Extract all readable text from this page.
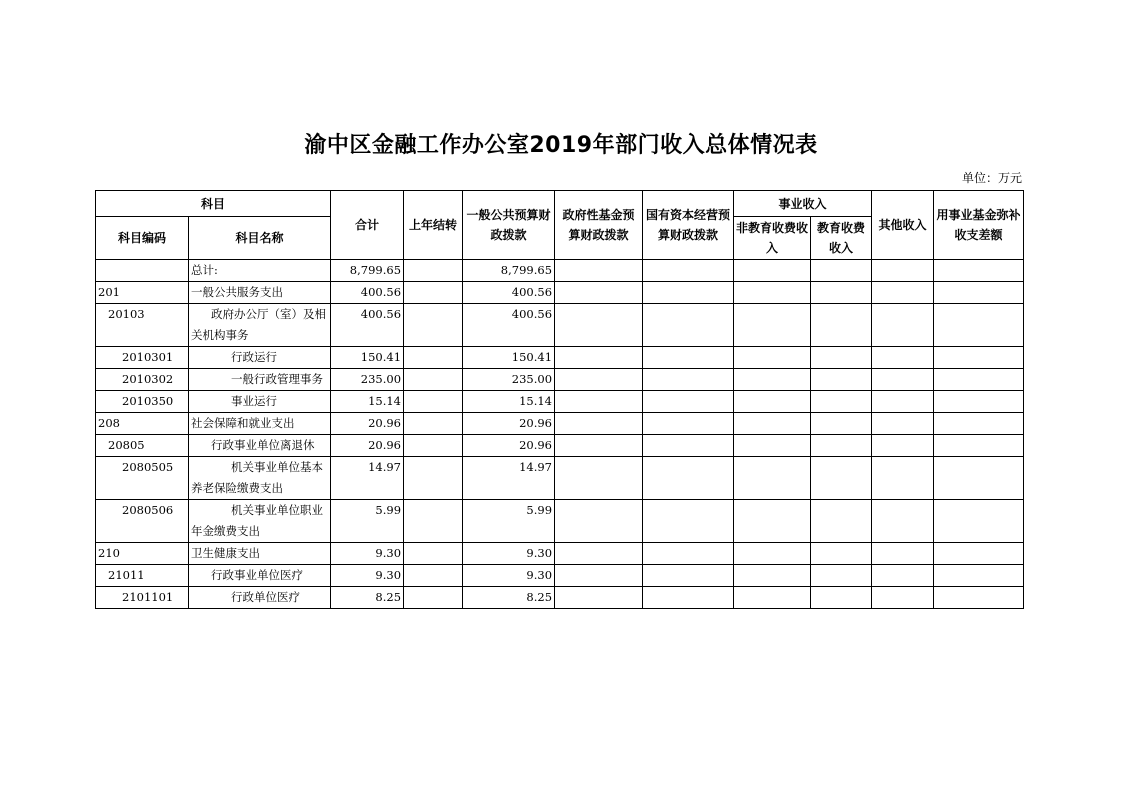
渝中区金融工作办公室2019年部门收入总体情况表
单位：万元
科目		合计	上年结转	一般公共预算财政拨款	政府性基金预算财政拨款	国有资本经营预算财政拨款	事业收入		其他收入	用事业基金弥补收支差额
科目编码	科目名称						非教育收费收入	教育收费收入		
	总计:	8,799.65		8,799.65						
201	一般公共服务支出	400.56		400.56						
20103	政府办公厅（室）及相关机构事务	400.56		400.56						
2010301	行政运行	150.41		150.41						
2010302	一般行政管理事务	235.00		235.00						
2010350	事业运行	15.14		15.14						
208	社会保障和就业支出	20.96		20.96						
20805	行政事业单位离退休	20.96		20.96						
2080505	机关事业单位基本养老保险缴费支出	14.97		14.97						
2080506	机关事业单位职业年金缴费支出	5.99		5.99						
210	卫生健康支出	9.30		9.30						
21011	行政事业单位医疗	9.30		9.30						
2101101	行政单位医疗	8.25		8.25						
